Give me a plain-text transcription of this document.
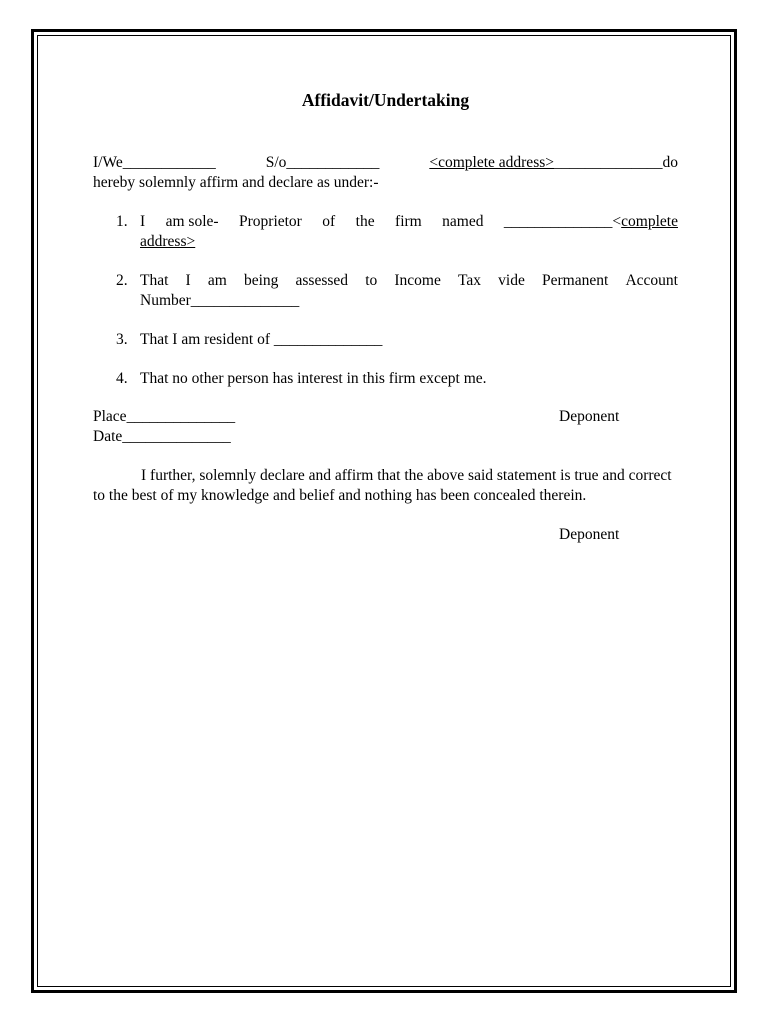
Affidavit/Undertaking
I/We____________	S/o____________	<complete address>______________do
hereby solemnly affirm and declare as under:-
1. I am sole- Proprietor of the firm named ______________<complete
address>
2. That I am being assessed to Income Tax vide Permanent Account
Number______________
3. That I am resident of ______________
4. That no other person has interest in this firm except me.
Place______________
Date______________
Deponent

I further, solemnly declare and affirm that the above said statement is true and correct to the best of my knowledge and belief and nothing has been concealed therein.

Deponent
